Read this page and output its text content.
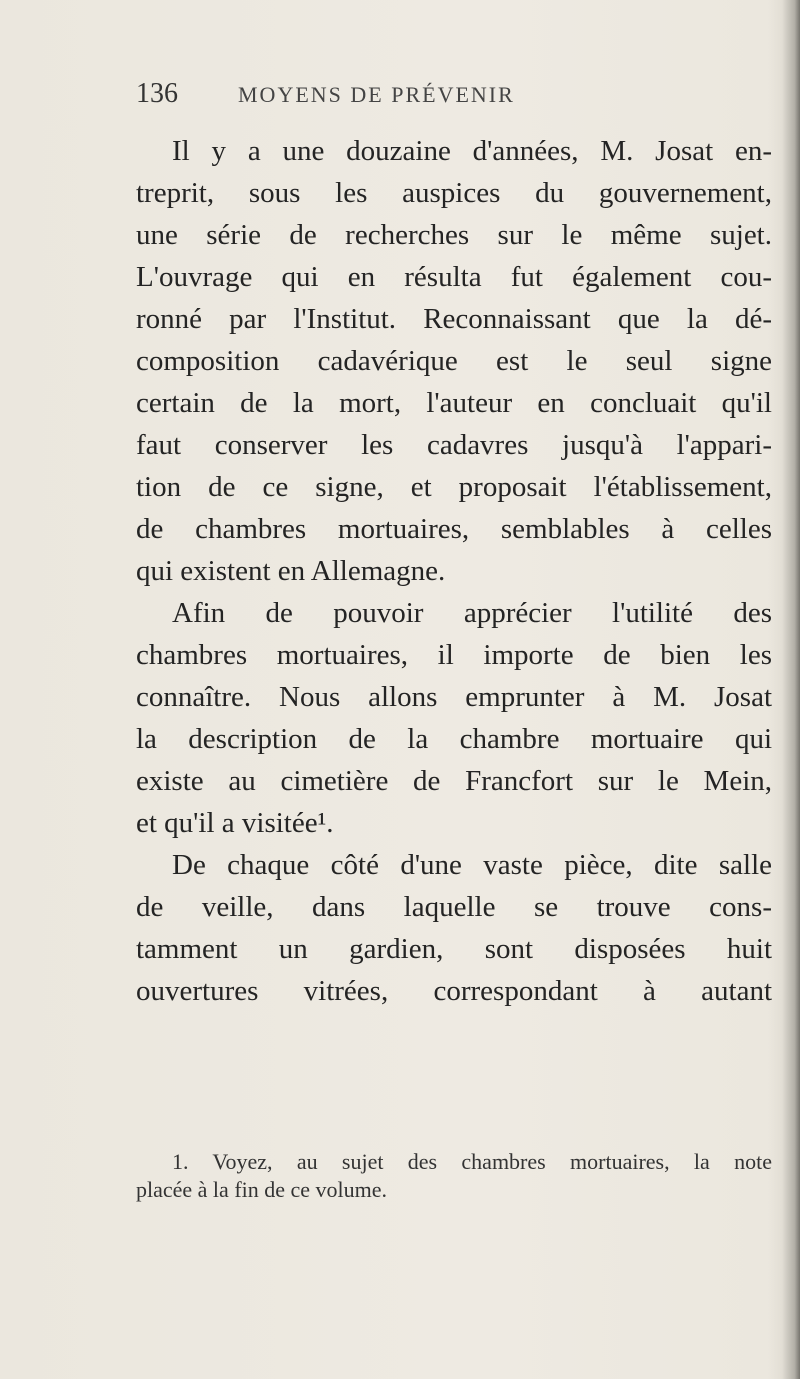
136	MOYENS DE PRÉVENIR
Il y a une douzaine d'années, M. Josat en-
treprit, sous les auspices du gouvernement,
une série de recherches sur le même sujet.
L'ouvrage qui en résulta fut également cou-
ronné par l'Institut. Reconnaissant que la dé-
composition cadavérique est le seul signe
certain de la mort, l'auteur en concluait qu'il
faut conserver les cadavres jusqu'à l'appari-
tion de ce signe, et proposait l'établissement,
de chambres mortuaires, semblables à celles
qui existent en Allemagne.
Afin de pouvoir apprécier l'utilité des
chambres mortuaires, il importe de bien les
connaître. Nous allons emprunter à M. Josat
la description de la chambre mortuaire qui
existe au cimetière de Francfort sur le Mein,
et qu'il a visitée¹.
De chaque côté d'une vaste pièce, dite salle
de veille, dans laquelle se trouve cons-
tamment un gardien, sont disposées huit
ouvertures vitrées, correspondant à autant
1. Voyez, au sujet des chambres mortuaires, la note
placée à la fin de ce volume.
